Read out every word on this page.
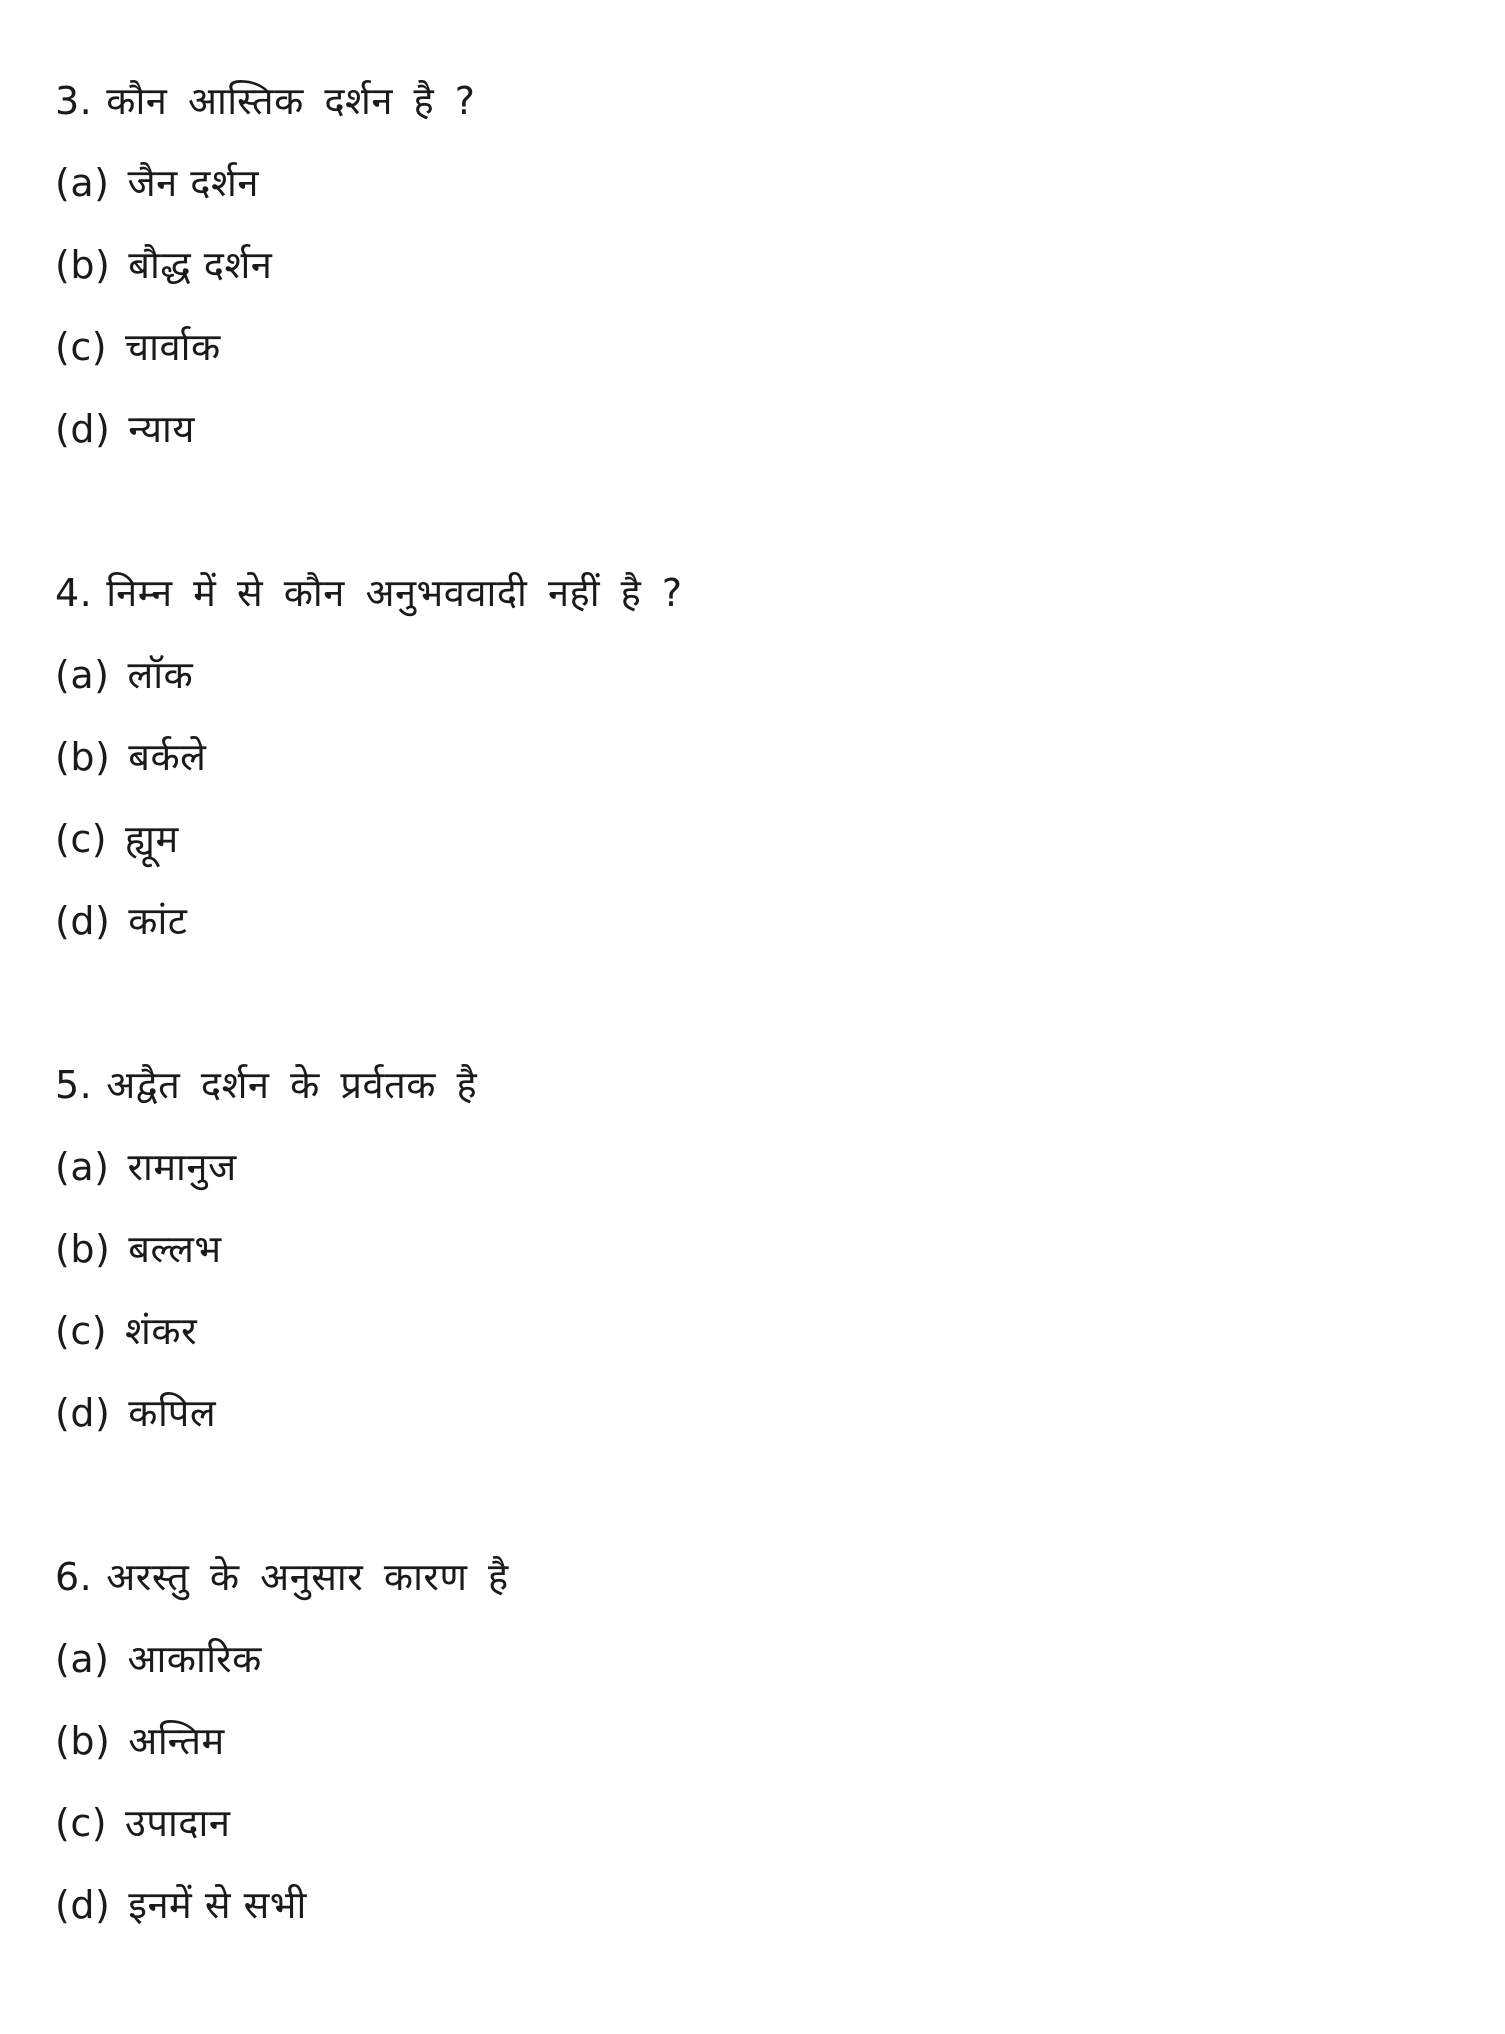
3. कौन आस्तिक दर्शन है ?
(a) जैन दर्शन
(b) बौद्ध दर्शन
(c) चार्वाक
(d) न्याय
4. निम्न में से कौन अनुभववादी नहीं है ?
(a) लॉक
(b) बर्कले
(c) ह्यूम
(d) कांट
5. अद्वैत दर्शन के प्रर्वतक है
(a) रामानुज
(b) बल्लभ
(c) शंकर
(d) कपिल
6. अरस्तु के अनुसार कारण है
(a) आकारिक
(b) अन्तिम
(c) उपादान
(d) इनमें से सभी
